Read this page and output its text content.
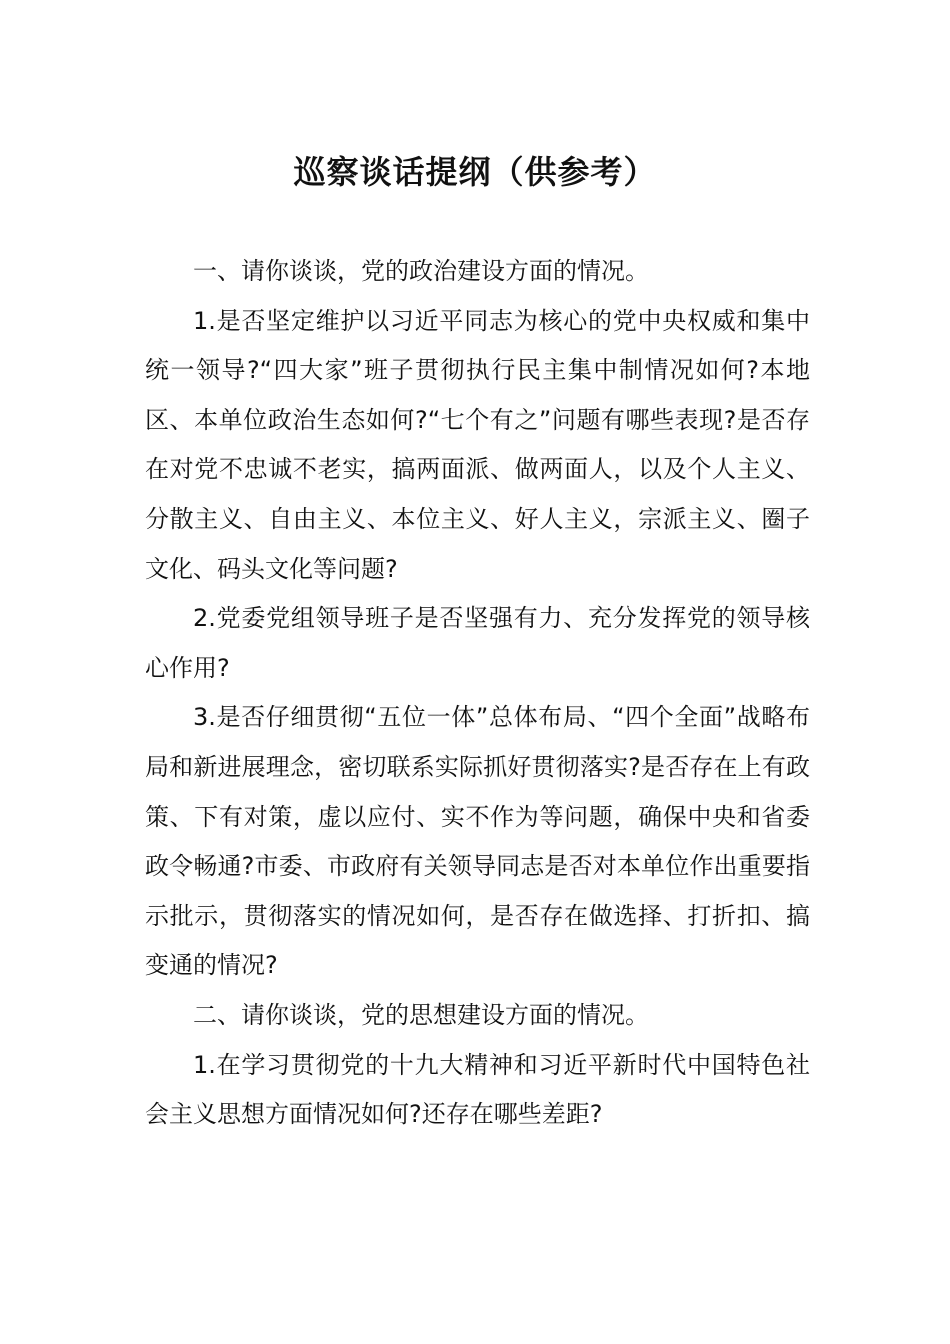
巡察谈话提纲（供参考）

一、请你谈谈，党的政治建设方面的情况。

1.是否坚定维护以习近平同志为核心的党中央权威和集中统一领导?“四大家”班子贯彻执行民主集中制情况如何?本地区、本单位政治生态如何?“七个有之”问题有哪些表现?是否存在对党不忠诚不老实，搞两面派、做两面人，以及个人主义、分散主义、自由主义、本位主义、好人主义，宗派主义、圈子文化、码头文化等问题?

2.党委党组领导班子是否坚强有力、充分发挥党的领导核心作用?

3.是否仔细贯彻“五位一体”总体布局、“四个全面”战略布局和新进展理念，密切联系实际抓好贯彻落实?是否存在上有政策、下有对策，虚以应付、实不作为等问题，确保中央和省委政令畅通?市委、市政府有关领导同志是否对本单位作出重要指示批示，贯彻落实的情况如何，是否存在做选择、打折扣、搞变通的情况?

二、请你谈谈，党的思想建设方面的情况。

1.在学习贯彻党的十九大精神和习近平新时代中国特色社会主义思想方面情况如何?还存在哪些差距?
